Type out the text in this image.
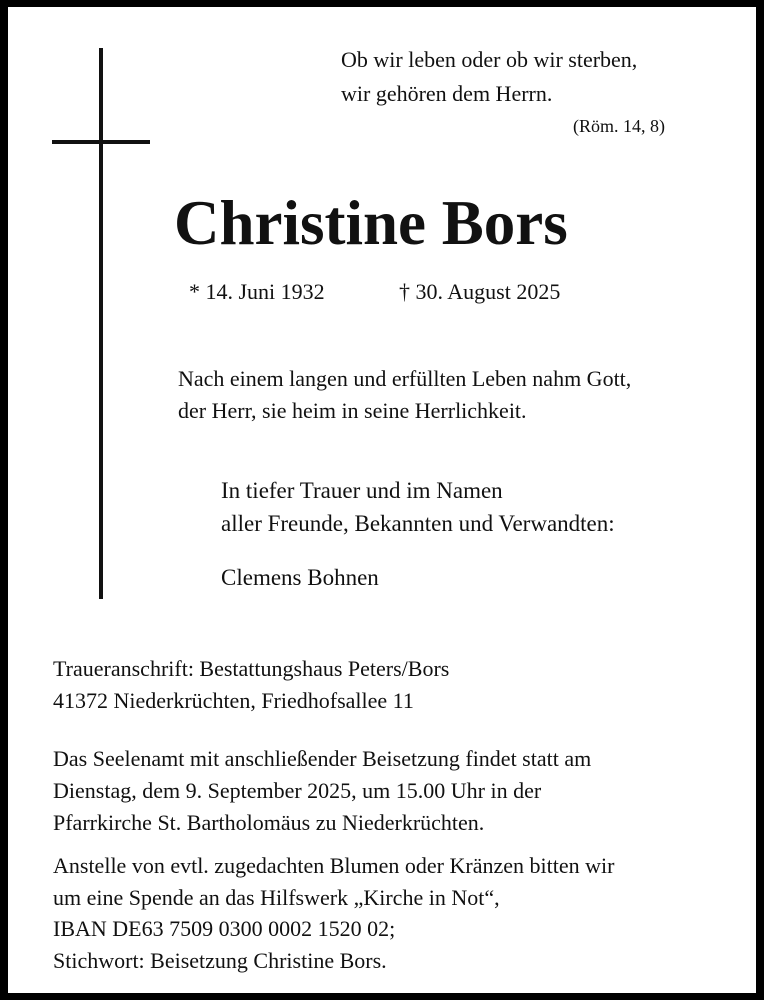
Ob wir leben oder ob wir sterben,
wir gehören dem Herrn.
(Röm. 14, 8)
Christine Bors
* 14. Juni 1932	† 30. August 2025
Nach einem langen und erfüllten Leben nahm Gott,
der Herr, sie heim in seine Herrlichkeit.
In tiefer Trauer und im Namen
aller Freunde, Bekannten und Verwandten:
Clemens Bohnen
Traueranschrift: Bestattungshaus Peters/Bors
41372 Niederkrüchten, Friedhofsallee 11
Das Seelenamt mit anschließender Beisetzung findet statt am
Dienstag, dem 9. September 2025, um 15.00 Uhr in der
Pfarrkirche St. Bartholomäus zu Niederkrüchten.
Anstelle von evtl. zugedachten Blumen oder Kränzen bitten wir
um eine Spende an das Hilfswerk „Kirche in Not“,
IBAN DE63 7509 0300 0002 1520 02;
Stichwort: Beisetzung Christine Bors.
